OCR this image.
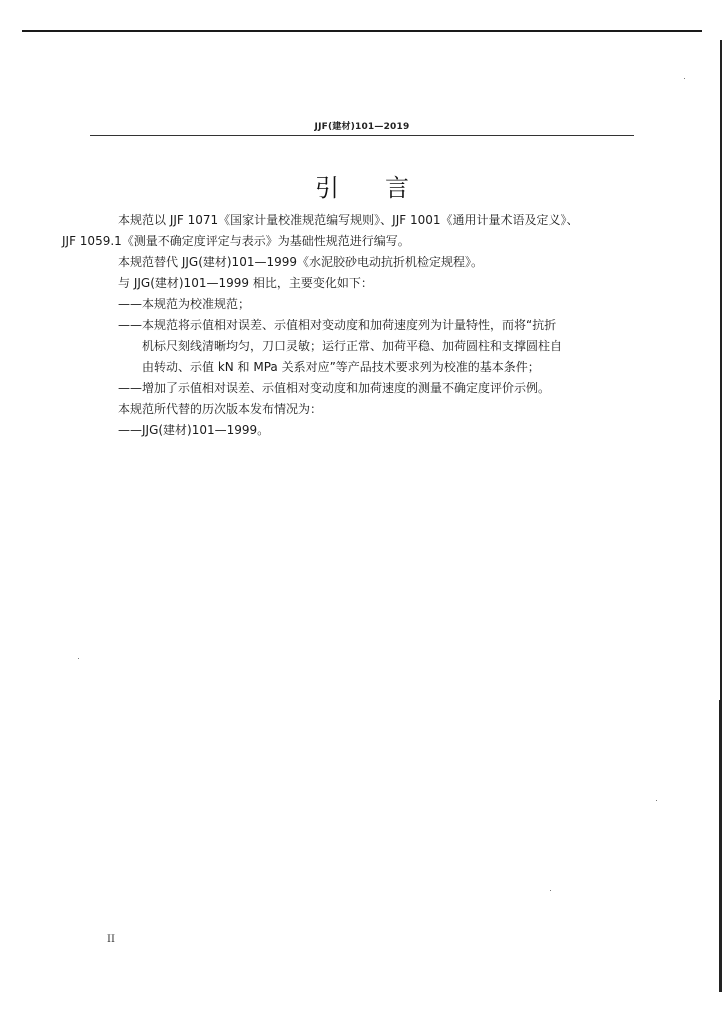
JJF(建材)101—2019
引言

本规范以 JJF 1071《国家计量校准规范编写规则》、JJF 1001《通用计量术语及定义》、

JJF 1059.1《测量不确定度评定与表示》为基础性规范进行编写。

本规范替代 JJG(建材)101—1999《水泥胶砂电动抗折机检定规程》。

与 JJG(建材)101—1999 相比，主要变化如下：

——本规范为校准规范；

——本规范将示值相对误差、示值相对变动度和加荷速度列为计量特性，而将“抗折

机标尺刻线清晰均匀，刀口灵敏；运行正常、加荷平稳、加荷圆柱和支撑圆柱自

由转动、示值 kN 和 MPa 关系对应”等产品技术要求列为校准的基本条件；

——增加了示值相对误差、示值相对变动度和加荷速度的测量不确定度评价示例。

本规范所代替的历次版本发布情况为：

——JJG(建材)101—1999。

II
